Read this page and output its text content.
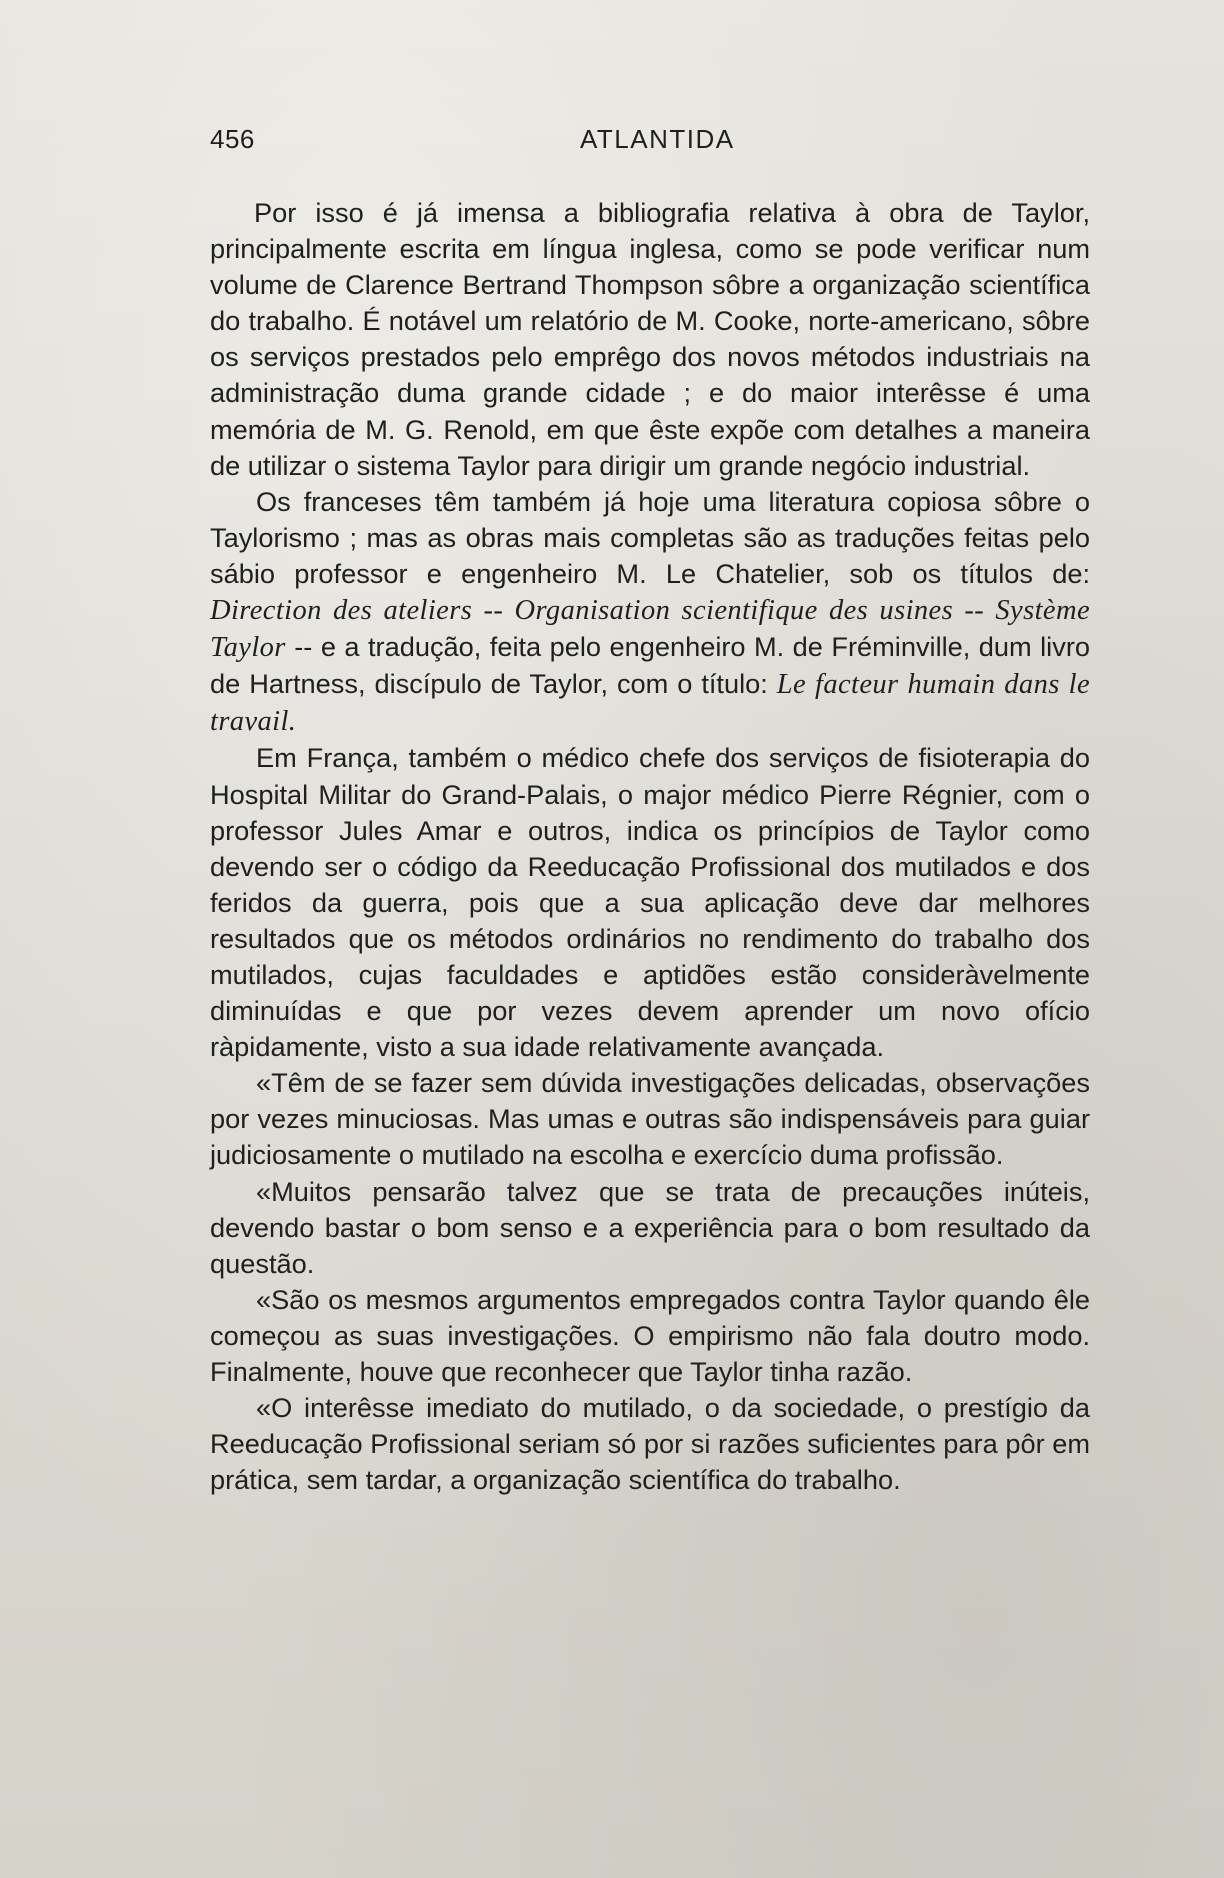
456	ATLANTIDA

Por isso é já imensa a bibliografia relativa à obra de Taylor, principalmente escrita em língua inglesa, como se pode verificar num volume de Clarence Bertrand Thompson sôbre a organização scientífica do trabalho. É notável um relatório de M. Cooke, norte-americano, sôbre os serviços prestados pelo emprêgo dos novos métodos industriais na administração duma grande cidade ; e do maior interêsse é uma memória de M. G. Renold, em que êste expõe com detalhes a maneira de utilizar o sistema Taylor para dirigir um grande negócio industrial.

Os franceses têm também já hoje uma literatura copiosa sôbre o Taylorismo ; mas as obras mais completas são as traduções feitas pelo sábio professor e engenheiro M. Le Chatelier, sob os títulos de: Direction des ateliers -- Organisation scientifique des usines -- Système Taylor -- e a tradução, feita pelo engenheiro M. de Fréminville, dum livro de Hartness, discípulo de Taylor, com o título: Le facteur humain dans le travail.

Em França, também o médico chefe dos serviços de fisioterapia do Hospital Militar do Grand-Palais, o major médico Pierre Régnier, com o professor Jules Amar e outros, indica os princípios de Taylor como devendo ser o código da Reeducação Profissional dos mutilados e dos feridos da guerra, pois que a sua aplicação deve dar melhores resultados que os métodos ordinários no rendimento do trabalho dos mutilados, cujas faculdades e aptidões estão consideràvelmente diminuídas e que por vezes devem aprender um novo ofício ràpidamente, visto a sua idade relativamente avançada.

«Têm de se fazer sem dúvida investigações delicadas, observações por vezes minuciosas. Mas umas e outras são indispensáveis para guiar judiciosamente o mutilado na escolha e exercício duma profissão.

«Muitos pensarão talvez que se trata de precauções inúteis, devendo bastar o bom senso e a experiência para o bom resultado da questão.

«São os mesmos argumentos empregados contra Taylor quando êle começou as suas investigações. O empirismo não fala doutro modo. Finalmente, houve que reconhecer que Taylor tinha razão.

«O interêsse imediato do mutilado, o da sociedade, o prestígio da Reeducação Profissional seriam só por si razões suficientes para pôr em prática, sem tardar, a organização scientífica do trabalho.
